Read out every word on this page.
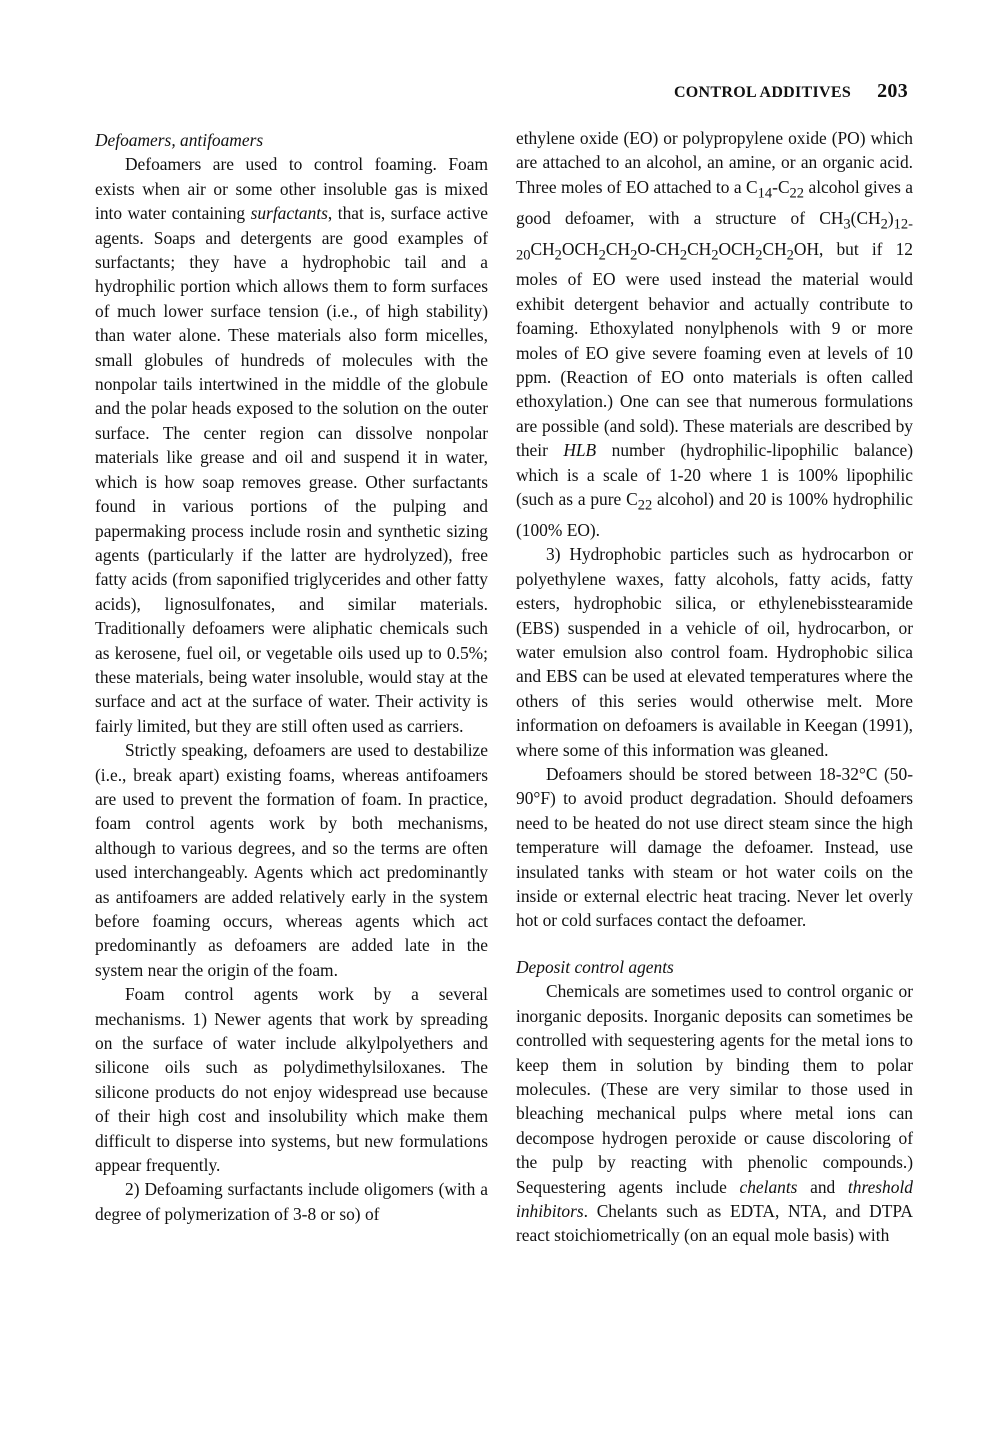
CONTROL ADDITIVES 203
Defoamers, antifoamers

Defoamers are used to control foaming. Foam exists when air or some other insoluble gas is mixed into water containing surfactants, that is, surface active agents. Soaps and detergents are good examples of surfactants; they have a hydrophobic tail and a hydrophilic portion which allows them to form surfaces of much lower surface tension (i.e., of high stability) than water alone. These materials also form micelles, small globules of hundreds of molecules with the nonpolar tails intertwined in the middle of the globule and the polar heads exposed to the solution on the outer surface. The center region can dissolve nonpolar materials like grease and oil and suspend it in water, which is how soap removes grease. Other surfactants found in various portions of the pulping and papermaking process include rosin and synthetic sizing agents (particularly if the latter are hydrolyzed), free fatty acids (from saponified triglycerides and other fatty acids), lignosulfonates, and similar materials. Traditionally defoamers were aliphatic chemicals such as kerosene, fuel oil, or vegetable oils used up to 0.5%; these materials, being water insoluble, would stay at the surface and act at the surface of water. Their activity is fairly limited, but they are still often used as carriers.

Strictly speaking, defoamers are used to destabilize (i.e., break apart) existing foams, whereas antifoamers are used to prevent the formation of foam. In practice, foam control agents work by both mechanisms, although to various degrees, and so the terms are often used interchangeably. Agents which act predominantly as antifoamers are added relatively early in the system before foaming occurs, whereas agents which act predominantly as defoamers are added late in the system near the origin of the foam.

Foam control agents work by a several mechanisms. 1) Newer agents that work by spreading on the surface of water include alkylpolyethers and silicone oils such as polydimethylsiloxanes. The silicone products do not enjoy widespread use because of their high cost and insolubility which make them difficult to disperse into systems, but new formulations appear frequently.

2) Defoaming surfactants include oligomers (with a degree of polymerization of 3-8 or so) of

ethylene oxide (EO) or polypropylene oxide (PO) which are attached to an alcohol, an amine, or an organic acid. Three moles of EO attached to a $C_{14}-C_{22}$ alcohol gives a good defoamer, with a structure of $CH_3(CH_2)_{12-20}CH_2OCH_2CH_2O-CH_2CH_2OCH_2CH_2OH$, but if 12 moles of EO were used instead the material would exhibit detergent behavior and actually contribute to foaming. Ethoxylated nonylphenols with 9 or more moles of EO give severe foaming even at levels of 10 ppm. (Reaction of EO onto materials is often called ethoxylation.) One can see that numerous formulations are possible (and sold). These materials are described by their HLB number (hydrophilic-lipophilic balance) which is a scale of 1-20 where 1 is 100% lipophilic (such as a pure $C_{22}$ alcohol) and 20 is 100% hydrophilic (100% EO).

3) Hydrophobic particles such as hydrocarbon or polyethylene waxes, fatty alcohols, fatty acids, fatty esters, hydrophobic silica, or ethylenebisstearamide (EBS) suspended in a vehicle of oil, hydrocarbon, or water emulsion also control foam. Hydrophobic silica and EBS can be used at elevated temperatures where the others of this series would otherwise melt. More information on defoamers is available in Keegan (1991), where some of this information was gleaned.

Defoamers should be stored between 18-32°C (50-90°F) to avoid product degradation. Should defoamers need to be heated do not use direct steam since the high temperature will damage the defoamer. Instead, use insulated tanks with steam or hot water coils on the inside or external electric heat tracing. Never let overly hot or cold surfaces contact the defoamer.

Deposit control agents

Chemicals are sometimes used to control organic or inorganic deposits. Inorganic deposits can sometimes be controlled with sequestering agents for the metal ions to keep them in solution by binding them to polar molecules. (These are very similar to those used in bleaching mechanical pulps where metal ions can decompose hydrogen peroxide or cause discoloring of the pulp by reacting with phenolic compounds.) Sequestering agents include chelants and threshold inhibitors. Chelants such as EDTA, NTA, and DTPA react stoichiometrically (on an equal mole basis) with
